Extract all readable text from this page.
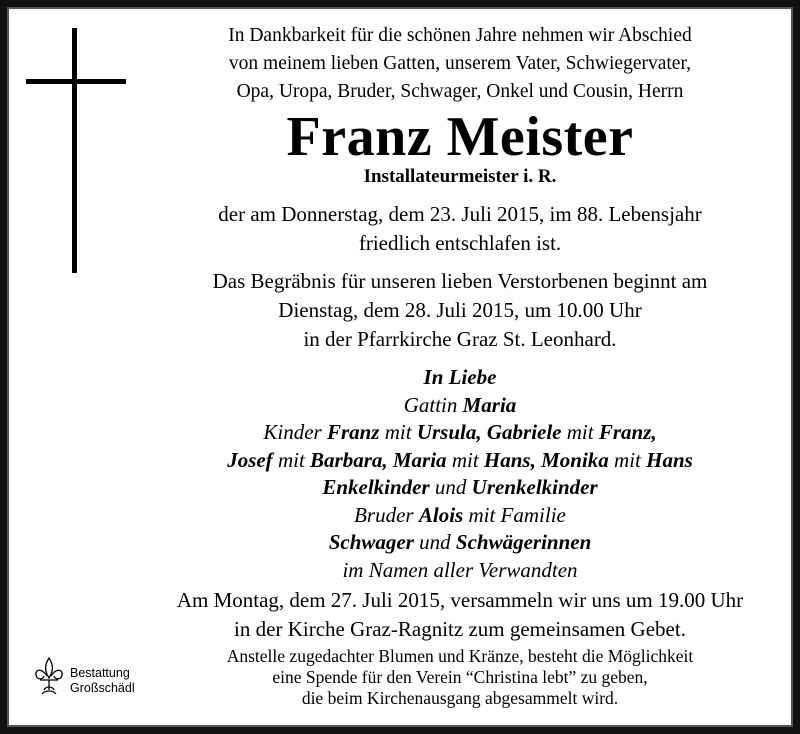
In Dankbarkeit für die schönen Jahre nehmen wir Abschied
von meinem lieben Gatten, unserem Vater, Schwiegervater,
Opa, Uropa, Bruder, Schwager, Onkel und Cousin, Herrn
Franz Meister
Installateurmeister i. R.
der am Donnerstag, dem 23. Juli 2015, im 88. Lebensjahr
friedlich entschlafen ist.
Das Begräbnis für unseren lieben Verstorbenen beginnt am
Dienstag, dem 28. Juli 2015, um 10.00 Uhr
in der Pfarrkirche Graz St. Leonhard.
In Liebe
Gattin Maria
Kinder Franz mit Ursula, Gabriele mit Franz,
Josef mit Barbara, Maria mit Hans, Monika mit Hans
Enkelkinder und Urenkelkinder
Bruder Alois mit Familie
Schwager und Schwägerinnen
im Namen aller Verwandten
Am Montag, dem 27. Juli 2015, versammeln wir uns um 19.00 Uhr
in der Kirche Graz-Ragnitz zum gemeinsamen Gebet.
Anstelle zugedachter Blumen und Kränze, besteht die Möglichkeit
eine Spende für den Verein “Christina lebt” zu geben,
die beim Kirchenausgang abgesammelt wird.
Bestattung
Großschädl
